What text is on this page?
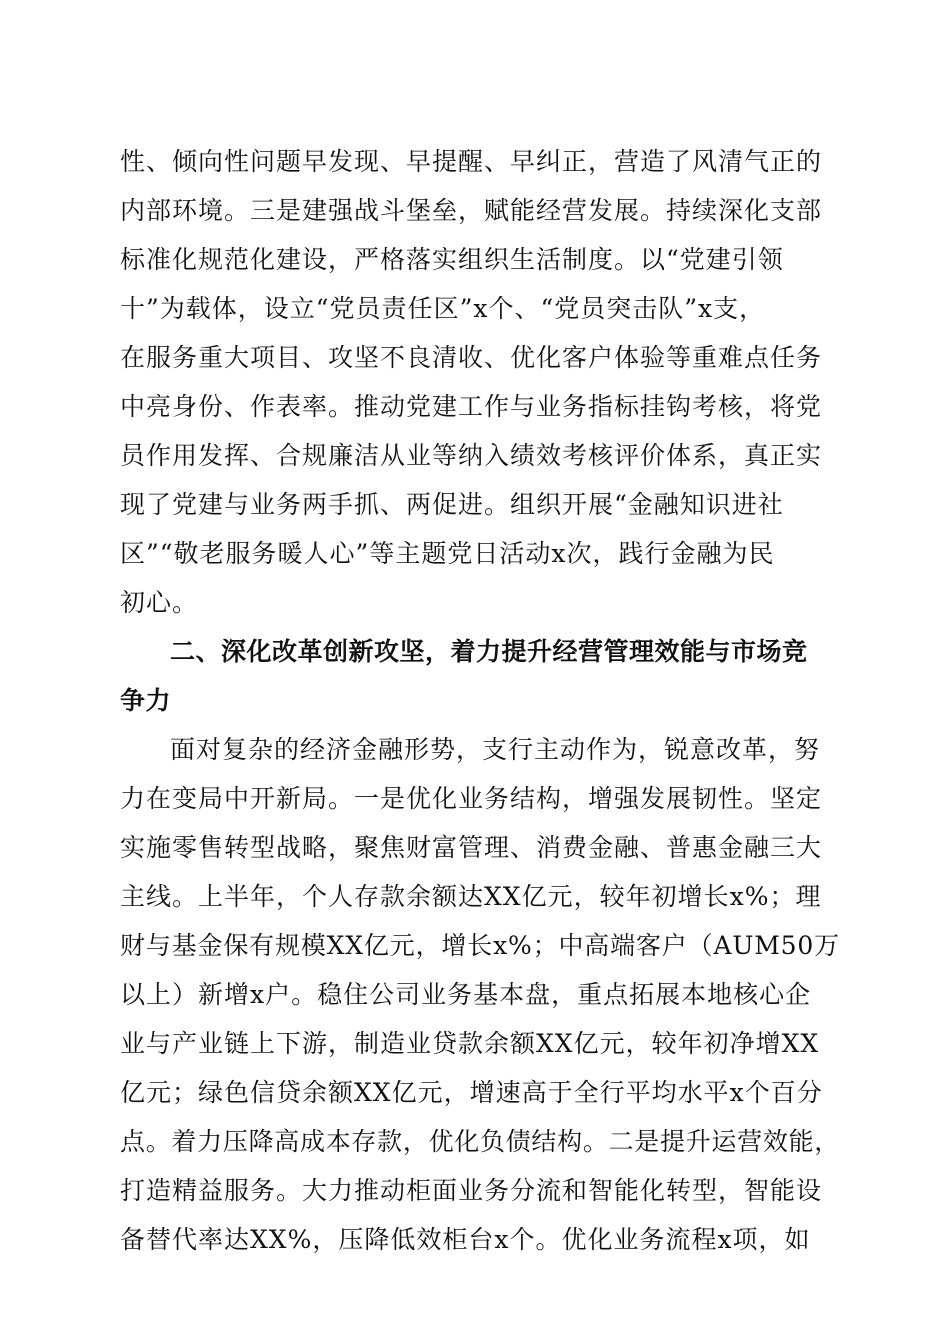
性、倾向性问题早发现、早提醒、早纠正，营造了风清气正的
内部环境。三是建强战斗堡垒，赋能经营发展。持续深化支部
标准化规范化建设，严格落实组织生活制度。以“党建引领
十”为载体，设立“党员责任区”x个、“党员突击队”x支，
在服务重大项目、攻坚不良清收、优化客户体验等重难点任务
中亮身份、作表率。推动党建工作与业务指标挂钩考核，将党
员作用发挥、合规廉洁从业等纳入绩效考核评价体系，真正实
现了党建与业务两手抓、两促进。组织开展“金融知识进社
区”“敬老服务暖人心”等主题党日活动x次，践行金融为民
初心。
二、深化改革创新攻坚，着力提升经营管理效能与市场竞
争力
面对复杂的经济金融形势，支行主动作为，锐意改革，努
力在变局中开新局。一是优化业务结构，增强发展韧性。坚定
实施零售转型战略，聚焦财富管理、消费金融、普惠金融三大
主线。上半年，个人存款余额达XX亿元，较年初增长x%；理
财与基金保有规模XX亿元，增长x%；中高端客户（AUM50万
以上）新增x户。稳住公司业务基本盘，重点拓展本地核心企
业与产业链上下游，制造业贷款余额XX亿元，较年初净增XX
亿元；绿色信贷余额XX亿元，增速高于全行平均水平x个百分
点。着力压降高成本存款，优化负债结构。二是提升运营效能，
打造精益服务。大力推动柜面业务分流和智能化转型，智能设
备替代率达XX%，压降低效柜台x个。优化业务流程x项，如
